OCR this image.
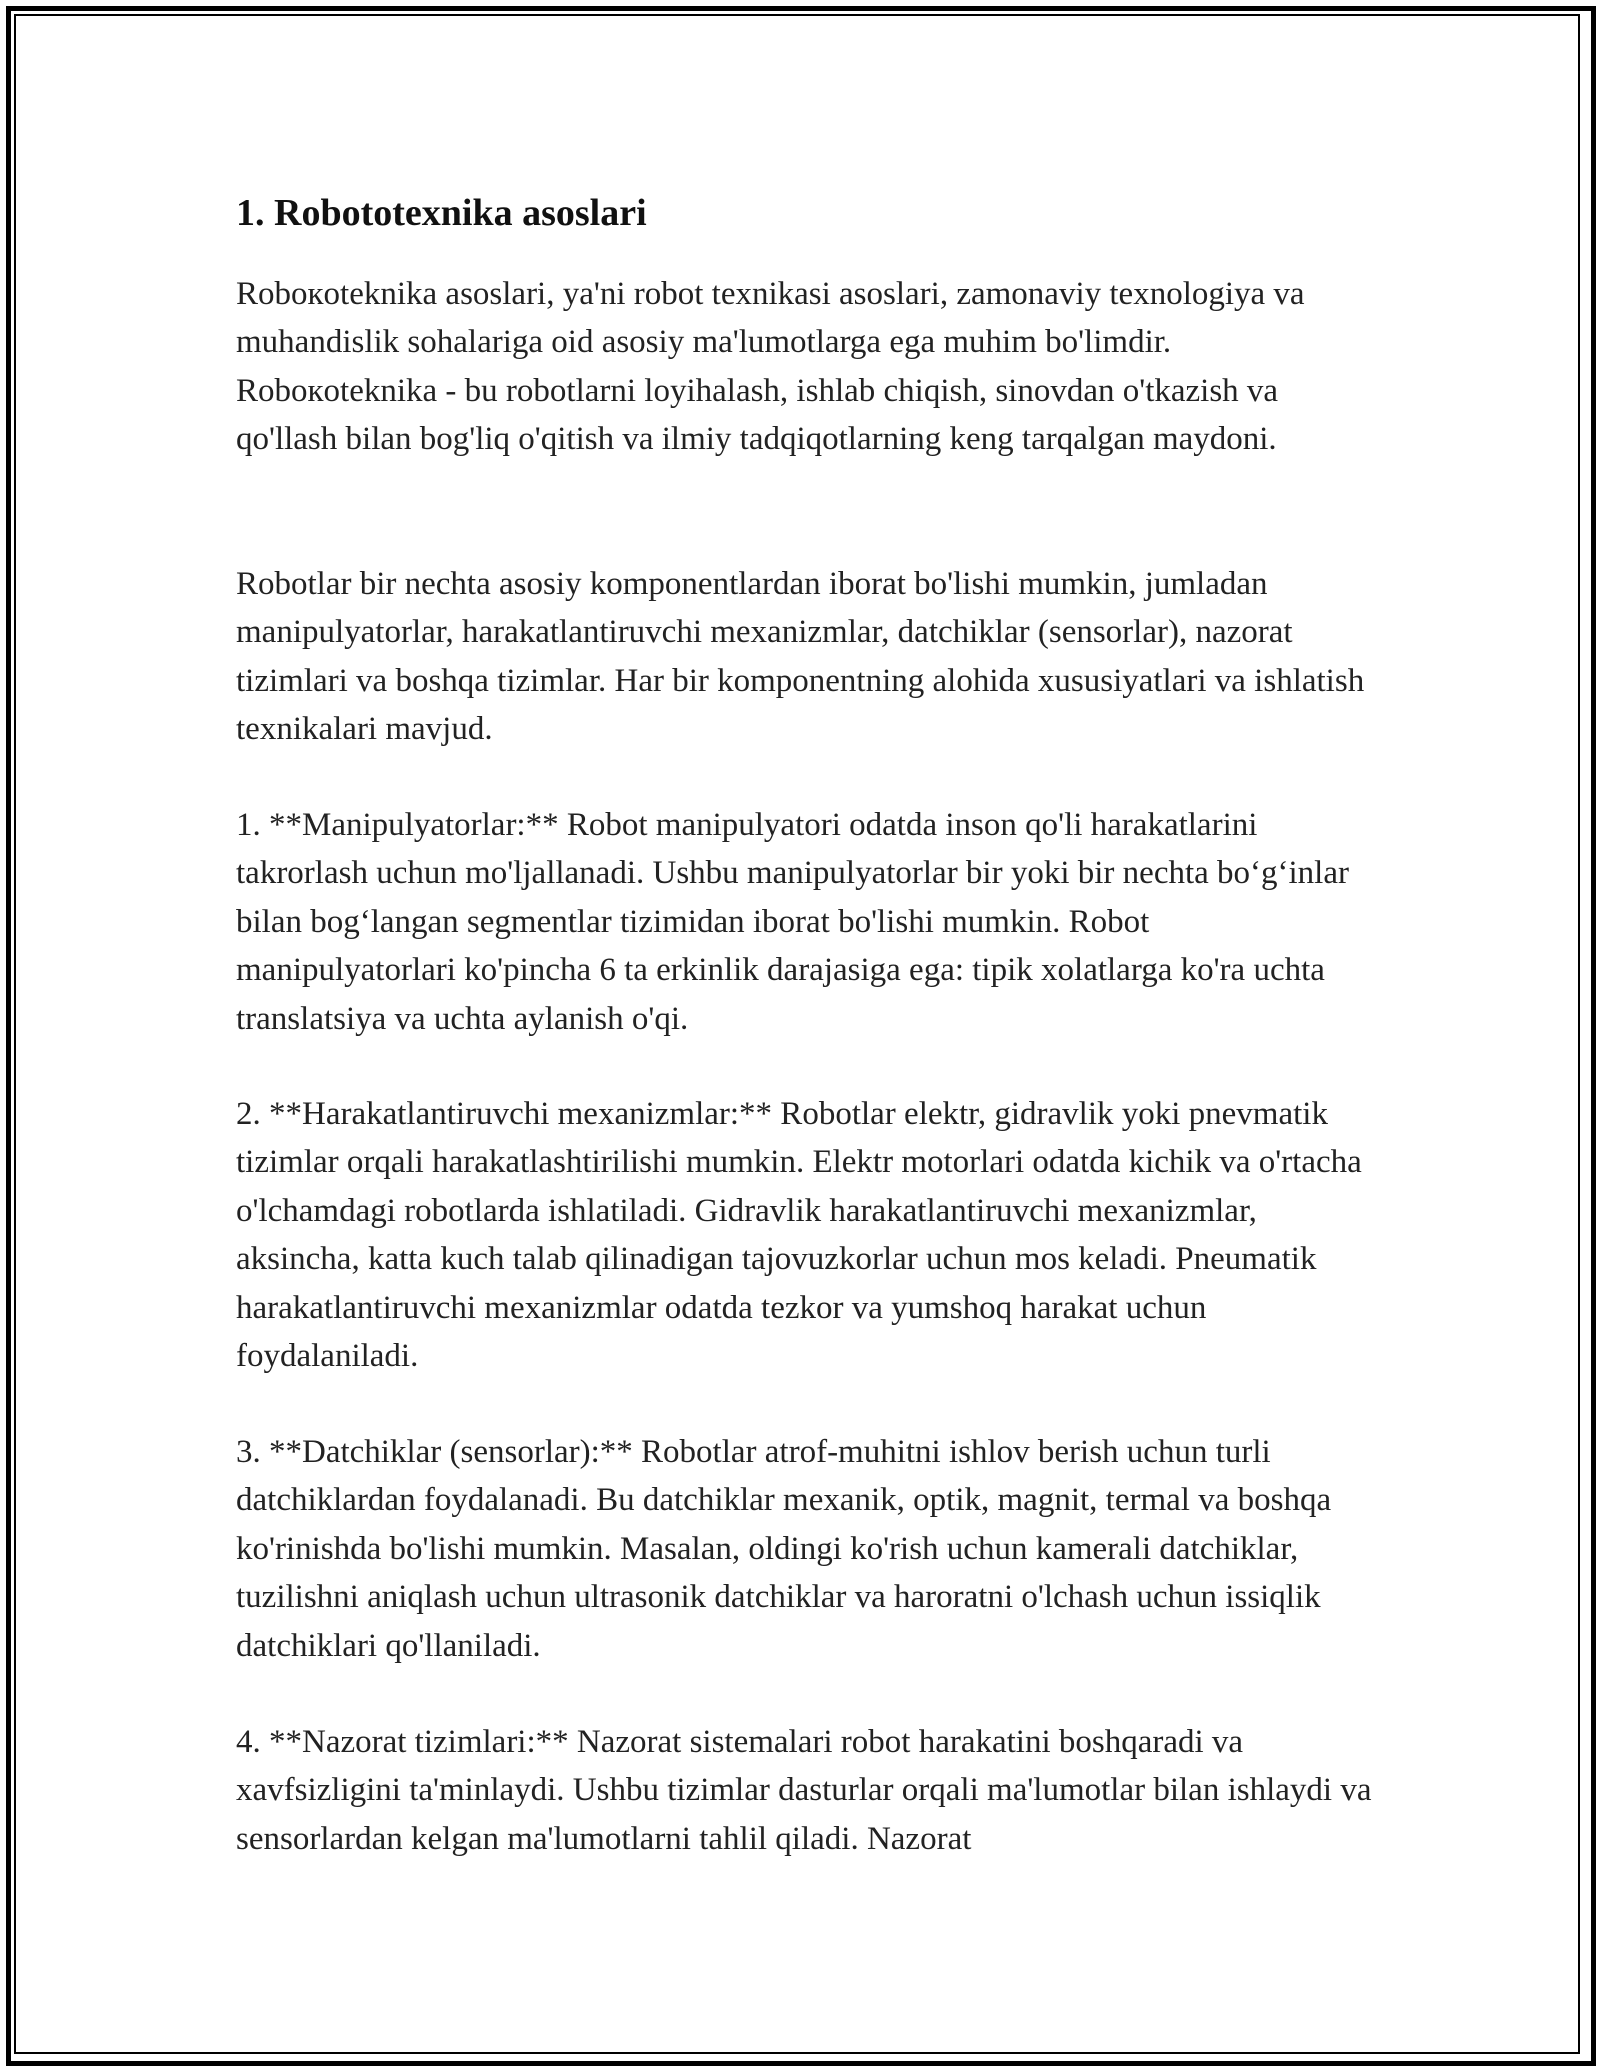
1. Robototexnika asoslari

Roboкoteknika asoslari, ya'ni robot texnikasi asoslari, zamonaviy texnologiya va muhandislik sohalariga oid asosiy ma'lumotlarga ega muhim bo'limdir. Roboкoteknika - bu robotlarni loyihalash, ishlab chiqish, sinovdan o'tkazish va qo'llash bilan bog'liq o'qitish va ilmiy tadqiqotlarning keng tarqalgan maydoni.

Robotlar bir nechta asosiy komponentlardan iborat bo'lishi mumkin, jumladan manipulyatorlar, harakatlantiruvchi mexanizmlar, datchiklar (sensorlar), nazorat tizimlari va boshqa tizimlar. Har bir komponentning alohida xususiyatlari va ishlatish texnikalari mavjud.

1. **Manipulyatorlar:** Robot manipulyatori odatda inson qo'li harakatlarini takrorlash uchun mo'ljallanadi. Ushbu manipulyatorlar bir yoki bir nechta bo‘g‘inlar bilan bog‘langan segmentlar tizimidan iborat bo'lishi mumkin. Robot manipulyatorlari ko'pincha 6 ta erkinlik darajasiga ega: tipik xolatlarga ko'ra uchta translatsiya va uchta aylanish o'qi.

2. **Harakatlantiruvchi mexanizmlar:** Robotlar elektr, gidravlik yoki pnevmatik tizimlar orqali harakatlashtirilishi mumkin. Elektr motorlari odatda kichik va o'rtacha o'lchamdagi robotlarda ishlatiladi. Gidravlik harakatlantiruvchi mexanizmlar, aksincha, katta kuch talab qilinadigan tajovuzkorlar uchun mos keladi. Pneumatik harakatlantiruvchi mexanizmlar odatda tezkor va yumshoq harakat uchun foydalaniladi.

3. **Datchiklar (sensorlar):** Robotlar atrof-muhitni ishlov berish uchun turli datchiklardan foydalanadi. Bu datchiklar mexanik, optik, magnit, termal va boshqa ko'rinishda bo'lishi mumkin. Masalan, oldingi ko'rish uchun kamerali datchiklar, tuzilishni aniqlash uchun ultrasonik datchiklar va haroratni o'lchash uchun issiqlik datchiklari qo'llaniladi.

4. **Nazorat tizimlari:** Nazorat sistemalari robot harakatini boshqaradi va xavfsizligini ta'minlaydi. Ushbu tizimlar dasturlar orqali ma'lumotlar bilan ishlaydi va sensorlardan kelgan ma'lumotlarni tahlil qiladi. Nazorat
